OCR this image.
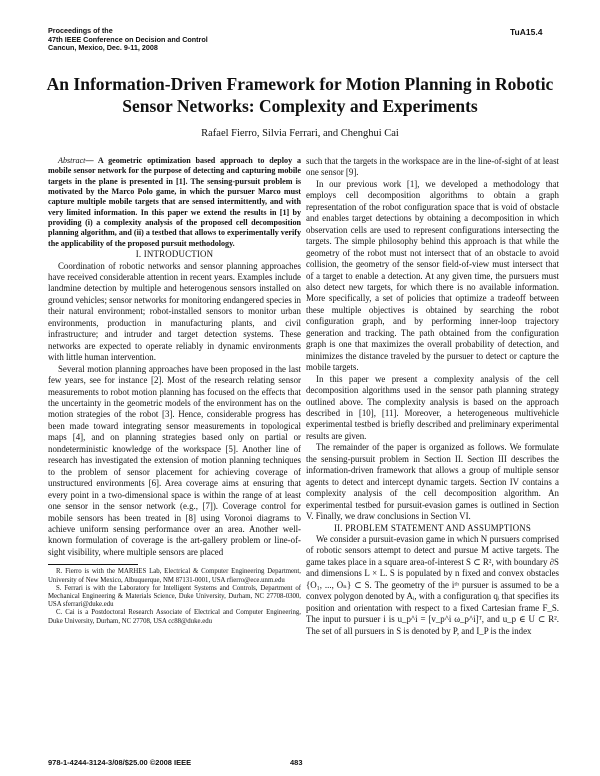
Proceedings of the
47th IEEE Conference on Decision and Control
Cancun, Mexico, Dec. 9-11, 2008
TuA15.4
An Information-Driven Framework for Motion Planning in Robotic
Sensor Networks: Complexity and Experiments
Rafael Fierro, Silvia Ferrari, and Chenghui Cai

Abstract— A geometric optimization based approach to deploy a mobile sensor network for the purpose of detecting and capturing mobile targets in the plane is presented in [1]. The sensing-pursuit problem is motivated by the Marco Polo game, in which the pursuer Marco must capture multiple mobile targets that are sensed intermittently, and with very limited information. In this paper we extend the results in [1] by providing (i) a complexity analysis of the proposed cell decomposition planning algorithm, and (ii) a testbed that allows to experimentally verify the applicability of the proposed pursuit methodology.

I. INTRODUCTION

Coordination of robotic networks and sensor planning approaches have received considerable attention in recent years. Examples include landmine detection by multiple and heterogenous sensors installed on ground vehicles; sensor networks for monitoring endangered species in their natural environment; robot-installed sensors to monitor urban environments, production in manufacturing plants, and civil infrastructure; and intruder and target detection systems. These networks are expected to operate reliably in dynamic environments with little human intervention.

Several motion planning approaches have been proposed in the last few years, see for instance [2]. Most of the research relating sensor measurements to robot motion planning has focused on the effects that the uncertainty in the geometric models of the environment has on the motion strategies of the robot [3]. Hence, considerable progress has been made toward integrating sensor measurements in topological maps [4], and on planning strategies based only on partial or nondeterministic knowledge of the workspace [5]. Another line of research has investigated the extension of motion planning techniques to the problem of sensor placement for achieving coverage of unstructured environments [6]. Area coverage aims at ensuring that every point in a two-dimensional space is within the range of at least one sensor in the sensor network (e.g., [7]). Coverage control for mobile sensors has been treated in [8] using Voronoi diagrams to achieve uniform sensing performance over an area. Another well-known formulation of coverage is the art-gallery problem or line-of-sight visibility, where multiple sensors are placed

R. Fierro is with the MARHES Lab, Electrical & Computer Engineering Department, University of New Mexico, Albuquerque, NM 87131-0001, USA rfierro@ece.unm.edu

S. Ferrari is with the Laboratory for Intelligent Systems and Controls, Department of Mechanical Engineering & Materials Science, Duke University, Durham, NC 27708-0300, USA sferrari@duke.edu

C. Cai is a Postdoctoral Research Associate of Electrical and Computer Engineering, Duke University, Durham, NC 27708, USA cc88@duke.edu

such that the targets in the workspace are in the line-of-sight of at least one sensor [9].

In our previous work [1], we developed a methodology that employs cell decomposition algorithms to obtain a graph representation of the robot configuration space that is void of obstacle and enables target detections by obtaining a decomposition in which observation cells are used to represent configurations intersecting the targets. The simple philosophy behind this approach is that while the geometry of the robot must not intersect that of an obstacle to avoid collision, the geometry of the sensor field-of-view must intersect that of a target to enable a detection. At any given time, the pursuers must also detect new targets, for which there is no available information. More specifically, a set of policies that optimize a tradeoff between these multiple objectives is obtained by searching the robot configuration graph, and by performing inner-loop trajectory generation and tracking. The path obtained from the configuration graph is one that maximizes the overall probability of detection, and minimizes the distance traveled by the pursuer to detect or capture the mobile targets.

In this paper we present a complexity analysis of the cell decomposition algorithms used in the sensor path planning strategy outlined above. The complexity analysis is based on the approach described in [10], [11]. Moreover, a heterogeneous multivehicle experimental testbed is briefly described and preliminary experimental results are given.

The remainder of the paper is organized as follows. We formulate the sensing-pursuit problem in Section II. Section III describes the information-driven framework that allows a group of multiple sensor agents to detect and intercept dynamic targets. Section IV contains a complexity analysis of the cell decomposition algorithm. An experimental testbed for pursuit-evasion games is outlined in Section V. Finally, we draw conclusions in Section VI.

II. PROBLEM STATEMENT AND ASSUMPTIONS

We consider a pursuit-evasion game in which N pursuers comprised of robotic sensors attempt to detect and pursue M active targets. The game takes place in a square area-of-interest S ⊂ R², with boundary ∂S and dimensions L × L. S is populated by n fixed and convex obstacles {O₁, ..., Oₙ} ⊂ S. The geometry of the iᵗʰ pursuer is assumed to be a convex polygon denoted by Aᵢ, with a configuration qᵢ that specifies its position and orientation with respect to a fixed Cartesian frame F_S. The input to pursuer i is u_p^i = [v_p^i ω_p^i]ᵀ, and u_p ∈ U ⊂ R². The set of all pursuers in S is denoted by P, and I_P is the index

978-1-4244-3124-3/08/$25.00 ©2008 IEEE	483
